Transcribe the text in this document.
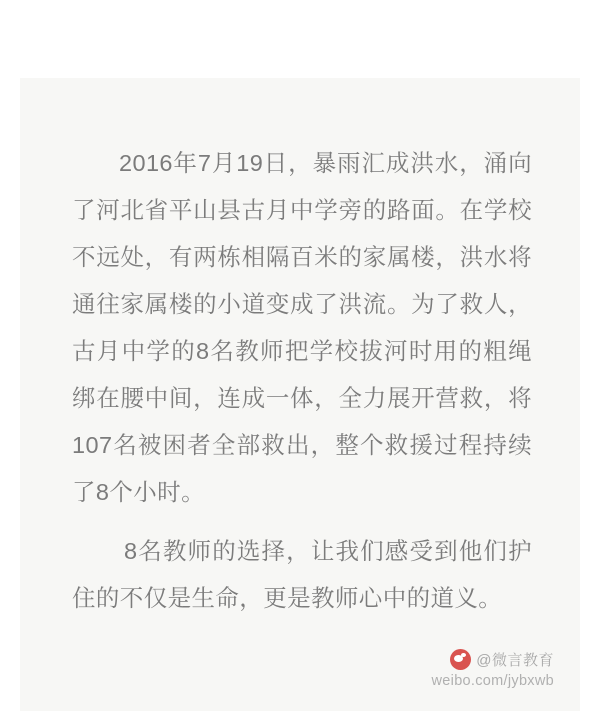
2016年7月19日，暴雨汇成洪水，涌向了河北省平山县古月中学旁的路面。在学校不远处，有两栋相隔百米的家属楼，洪水将通往家属楼的小道变成了洪流。为了救人，古月中学的8名教师把学校拔河时用的粗绳绑在腰中间，连成一体，全力展开营救，将107名被困者全部救出，整个救援过程持续了8个小时。

8名教师的选择，让我们感受到他们护住的不仅是生命，更是教师心中的道义。

@微言教育
weibo.com/jybxwb
